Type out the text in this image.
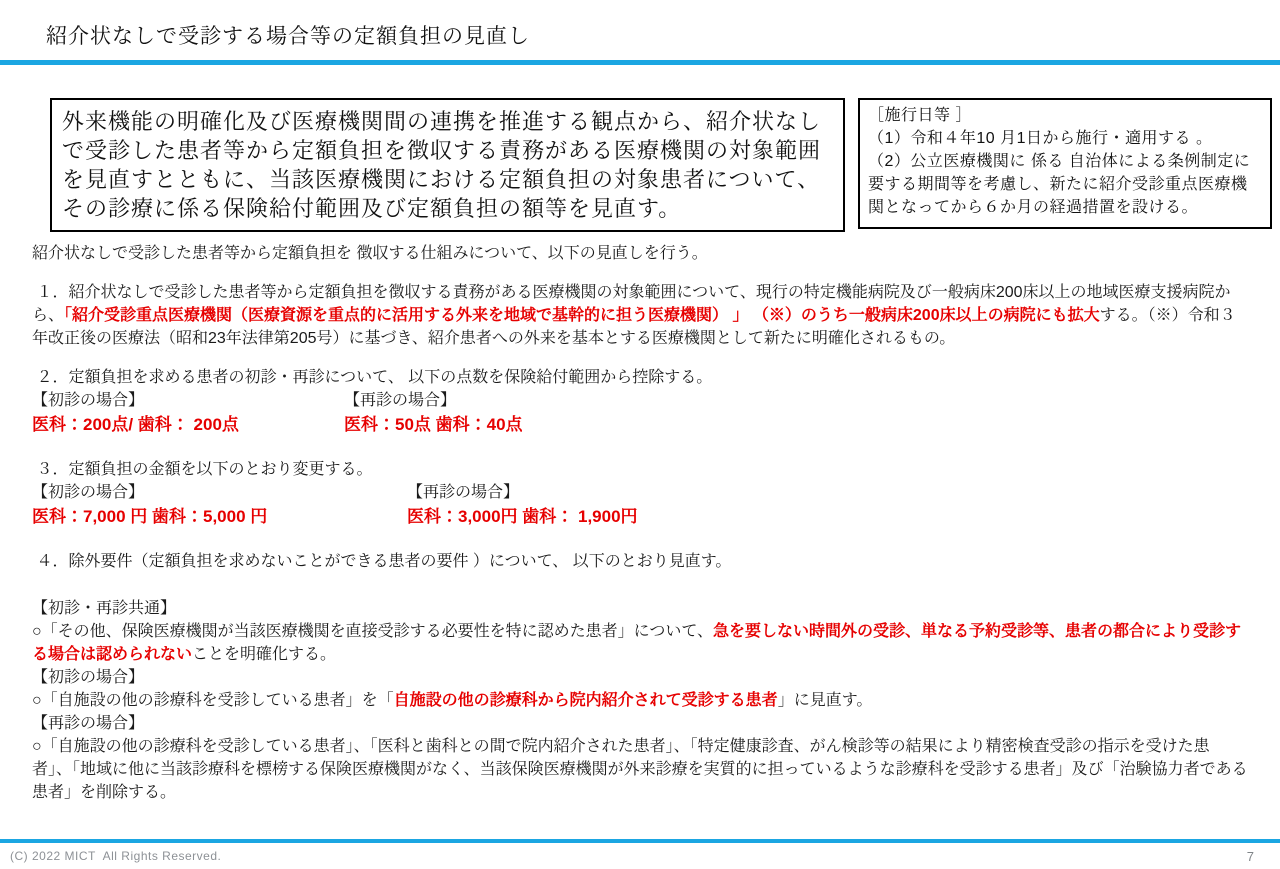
紹介状なしで受診する場合等の定額負担の見直し

外来機能の明確化及び医療機関間の連携を推進する観点から、紹介状なしで受診した患者等から定額負担を徴収する責務がある医療機関の対象範囲を見直すとともに、当該医療機関における定額負担の対象患者について、その診療に係る保険給付範囲及び定額負担の額等を見直す。

［施行日等 ］

（1）令和４年10 月1日から施行・適用する 。

（2）公立医療機関に 係る 自治体による条例制定に要する期間等を考慮し、新たに紹介受診重点医療機関となってから６か月の経過措置を設ける。

紹介状なしで受診した患者等から定額負担を 徴収する仕組みについて、以下の見直しを行う。

１．紹介状なしで受診した患者等から定額負担を徴収する責務がある医療機関の対象範囲について、現行の特定機能病院及び一般病床200床以上の地域医療支援病院から、「紹介受診重点医療機関（医療資源を重点的に活用する外来を地域で基幹的に担う医療機関） 」 （※）のうち一般病床200床以上の病院にも拡大する。（※）令和３年改正後の医療法（昭和23年法律第205号）に基づき、紹介患者への外来を基本とする医療機関として新たに明確化されるもの。

２．定額負担を求める患者の初診・再診について、 以下の点数を保険給付範囲から控除する。

【初診の場合】	【再診の場合】
医科：200点/ 歯科： 200点	医科：50点 歯科：40点

３．定額負担の金額を以下のとおり変更する。

【初診の場合】	【再診の場合】
医科：7,000 円 歯科：5,000 円	医科：3,000円 歯科： 1,900円

４．除外要件（定額負担を求めないことができる患者の要件 ）について、 以下のとおり見直す。

【初診・再診共通】

○「その他、保険医療機関が当該医療機関を直接受診する必要性を特に認めた患者」について、急を要しない時間外の受診、単なる予約受診等、患者の都合により受診する場合は認められないことを明確化する。

【初診の場合】

○「自施設の他の診療科を受診している患者」を「自施設の他の診療科から院内紹介されて受診する患者」に見直す。

【再診の場合】

○「自施設の他の診療科を受診している患者」、「医科と歯科との間で院内紹介された患者」、「特定健康診査、がん検診等の結果により精密検査受診の指示を受けた患者」、「地域に他に当該診療科を標榜する保険医療機関がなく、当該保険医療機関が外来診療を実質的に担っているような診療科を受診する患者」及び「治験協力者である患者」を削除する。

(C) 2022 MICT  All Rights Reserved.	7
